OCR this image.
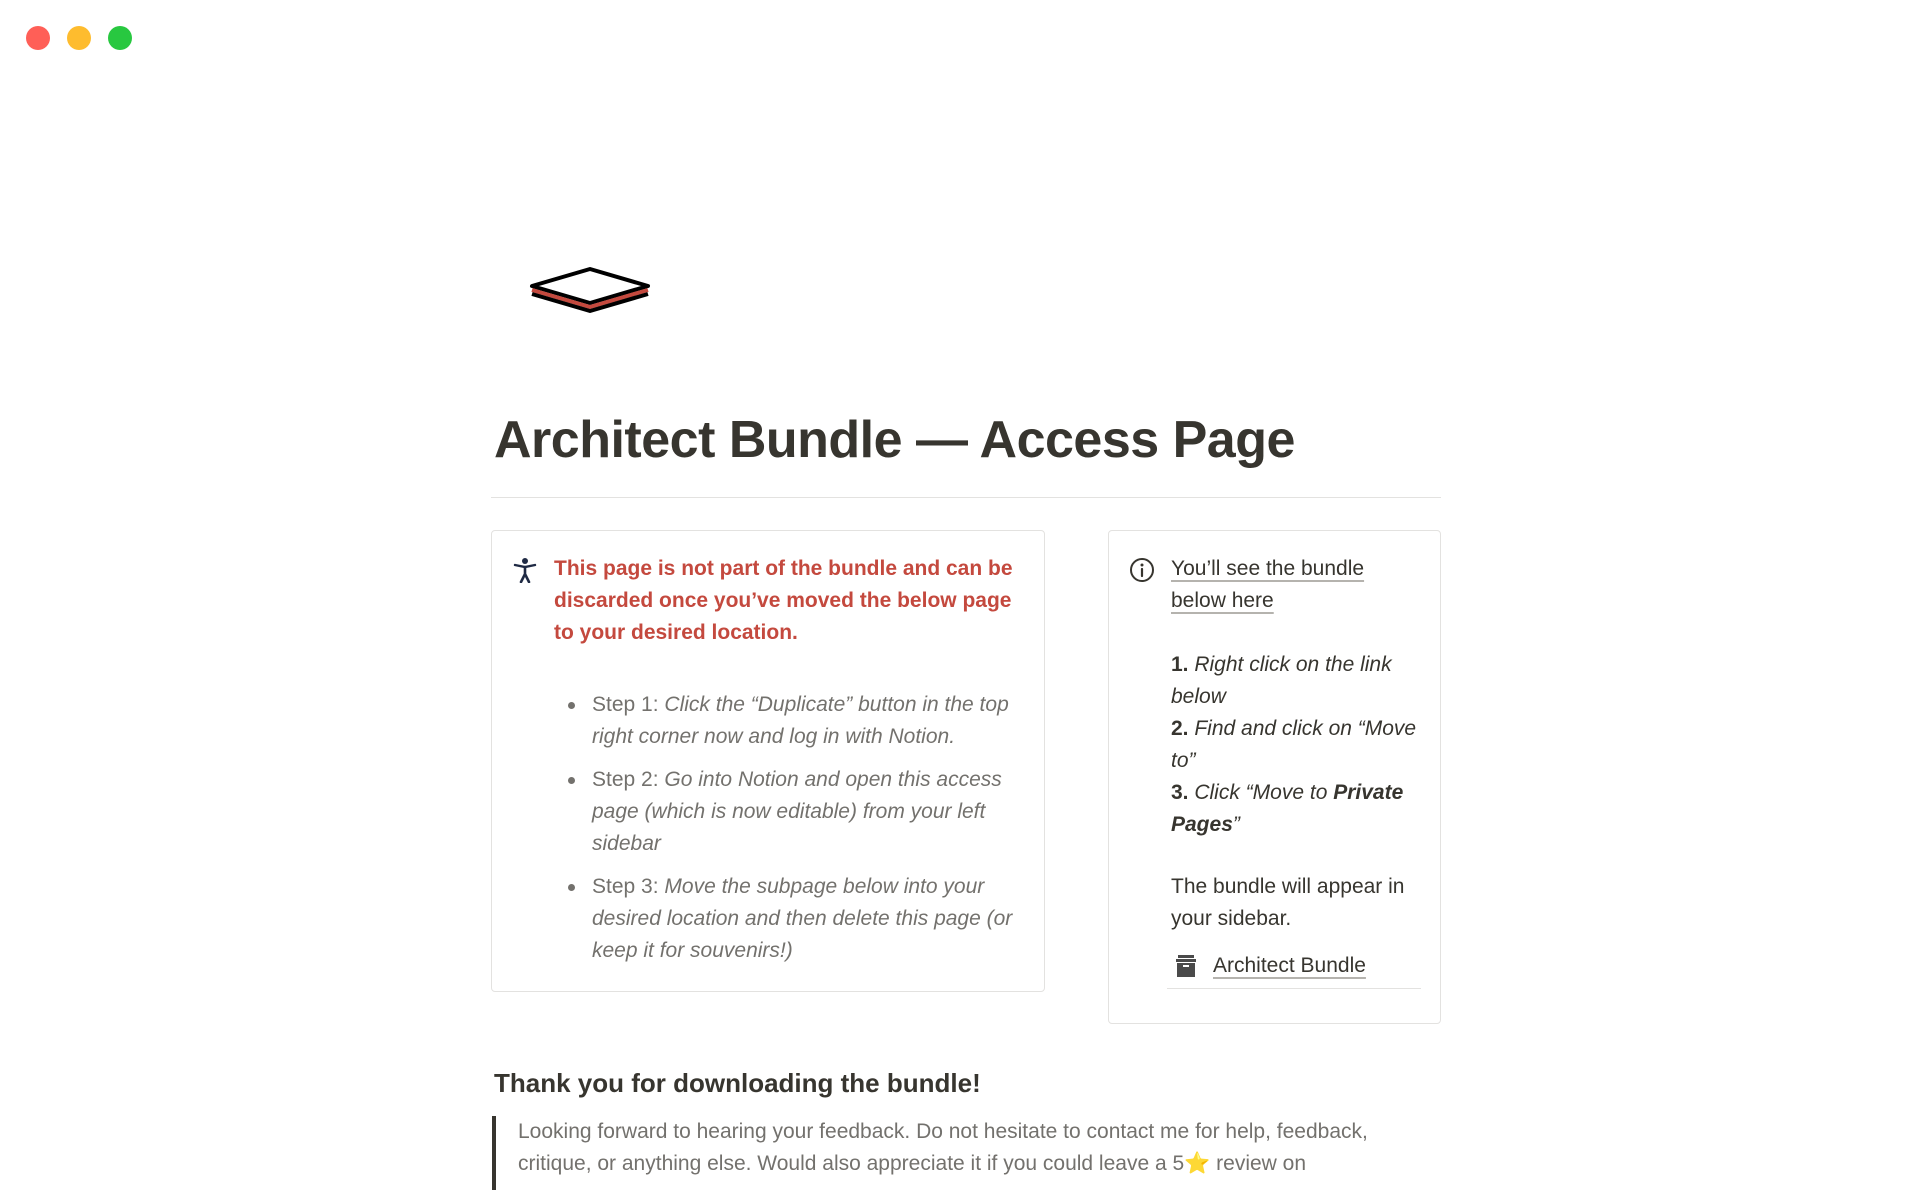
Architect Bundle — Access Page

This page is not part of the bundle and can be discarded once you’ve moved the below page to your desired location.

Step 1: Click the “Duplicate” button in the top right corner now and log in with Notion.
Step 2: Go into Notion and open this access page (which is now editable) from your left sidebar
Step 3: Move the subpage below into your desired location and then delete this page (or keep it for souvenirs!)

You’ll see the bundle below here

1. Right click on the link below
2. Find and click on “Move to”
3. Click “Move to Private Pages”

The bundle will appear in your sidebar.

Architect Bundle
Thank you for downloading the bundle!
Looking forward to hearing your feedback. Do not hesitate to contact me for help, feedback, critique, or anything else. Would also appreciate it if you could leave a 5⭐ review on
